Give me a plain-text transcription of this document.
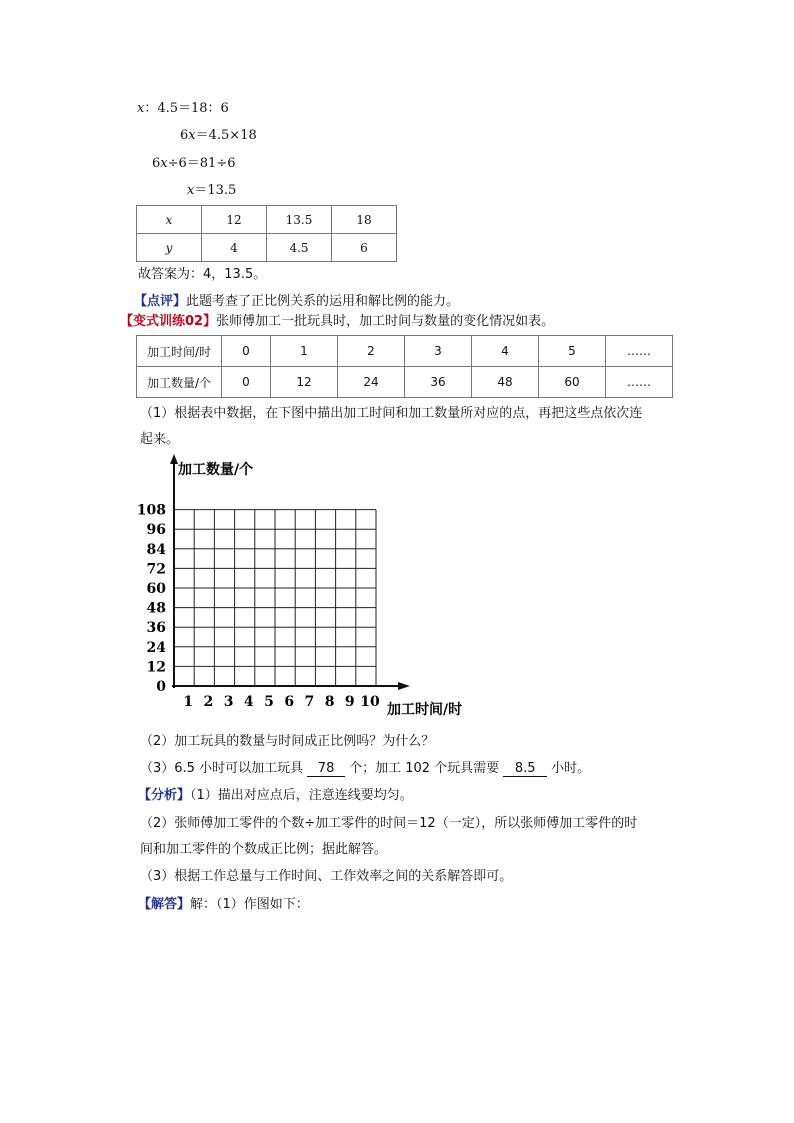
x：4.5＝18：6
6x＝4.5×18
6x÷6＝81÷6
x＝13.5
x	12	13.5	18
y	4	4.5	6
故答案为：4，13.5。
【点评】此题考查了正比例关系的运用和解比例的能力。
【变式训练02】张师傅加工一批玩具时，加工时间与数量的变化情况如表。
加工时间/时	0	1	2	3	4	5	……
加工数量/个	0	12	24	36	48	60	……
（1）根据表中数据，在下图中描出加工时间和加工数量所对应的点，再把这些点依次连
起来。
0
12
24
36
48
60
72
84
96
108
1 2 3 4 5 6 7 8 9 10
加工数量/个
加工时间/时
（2）加工玩具的数量与时间成正比例吗？为什么？
（3）6.5 小时可以加工玩具 78 个；加工 102 个玩具需要 8.5 小时。
【分析】（1）描出对应点后，注意连线要均匀。
（2）张师傅加工零件的个数÷加工零件的时间＝12（一定），所以张师傅加工零件的时
间和加工零件的个数成正比例；据此解答。
（3）根据工作总量与工作时间、工作效率之间的关系解答即可。
【解答】解：（1）作图如下：
